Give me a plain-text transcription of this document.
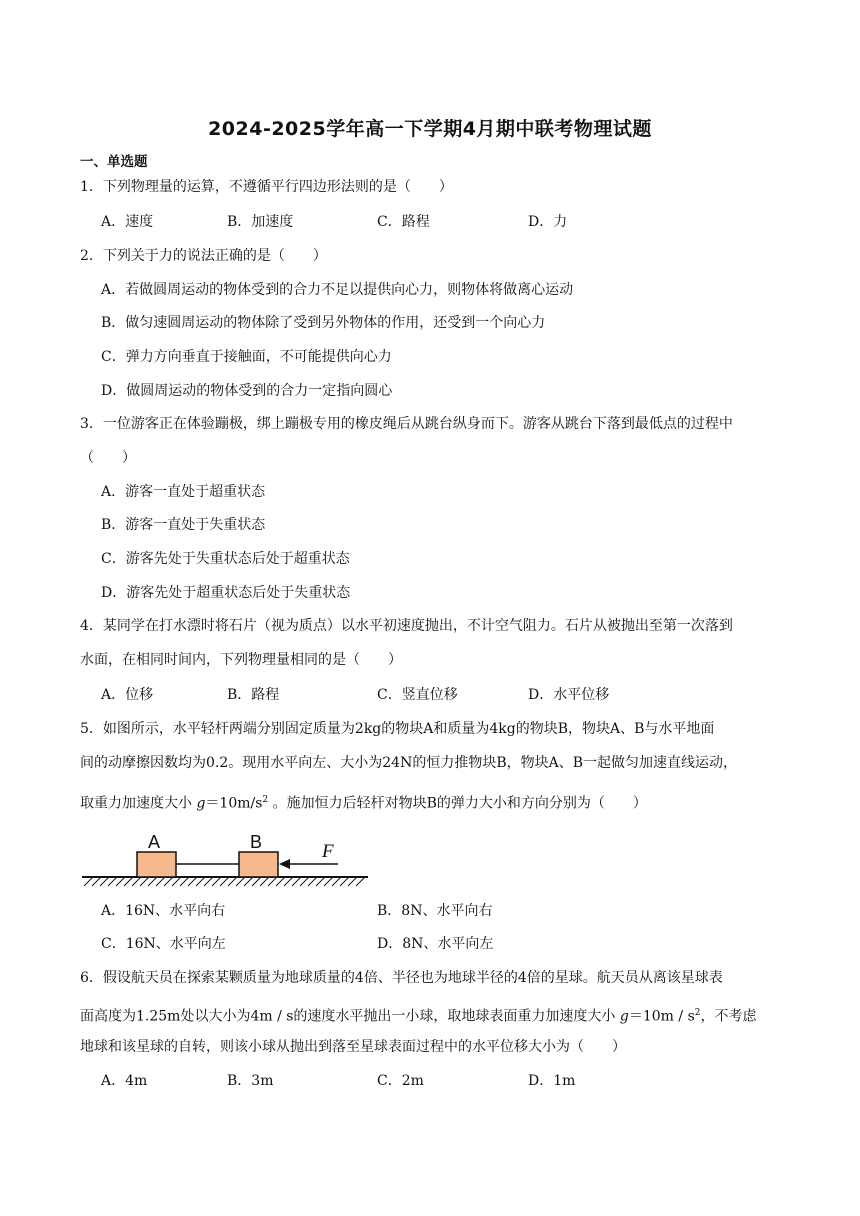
2024-2025学年高一下学期4月期中联考物理试题
一、单选题
1．下列物理量的运算，不遵循平行四边形法则的是（　　）
A．速度	B．加速度	C．路程	D．力
2．下列关于力的说法正确的是（　　）
A．若做圆周运动的物体受到的合力不足以提供向心力，则物体将做离心运动
B．做匀速圆周运动的物体除了受到另外物体的作用，还受到一个向心力
C．弹力方向垂直于接触面，不可能提供向心力
D．做圆周运动的物体受到的合力一定指向圆心
3．一位游客正在体验蹦极，绑上蹦极专用的橡皮绳后从跳台纵身而下。游客从跳台下落到最低点的过程中
（　　）
A．游客一直处于超重状态
B．游客一直处于失重状态
C．游客先处于失重状态后处于超重状态
D．游客先处于超重状态后处于失重状态
4．某同学在打水漂时将石片（视为质点）以水平初速度抛出，不计空气阻力。石片从被抛出至第一次落到
水面，在相同时间内，下列物理量相同的是（　　）
A．位移	B．路程	C．竖直位移	D．水平位移
5．如图所示，水平轻杆两端分别固定质量为2kg的物块A和质量为4kg的物块B，物块A、B与水平地面
间的动摩擦因数均为0.2。现用水平向左、大小为24N的恒力推物块B，物块A、B一起做匀加速直线运动，
取重力加速度大小 $g=10m/s^2$ 。施加恒力后轻杆对物块B的弹力大小和方向分别为（　　）
A	B	F
A．16N、水平向右	B．8N、水平向右
C．16N、水平向左	D．8N、水平向左
6．假设航天员在探索某颗质量为地球质量的4倍、半径也为地球半径的4倍的星球。航天员从离该星球表
面高度为1.25m处以大小为4m / s的速度水平抛出一小球，取地球表面重力加速度大小 $g=10m / s^2$，不考虑
地球和该星球的自转，则该小球从抛出到落至星球表面过程中的水平位移大小为（　　）
A．4m	B．3m	C．2m	D．1m
